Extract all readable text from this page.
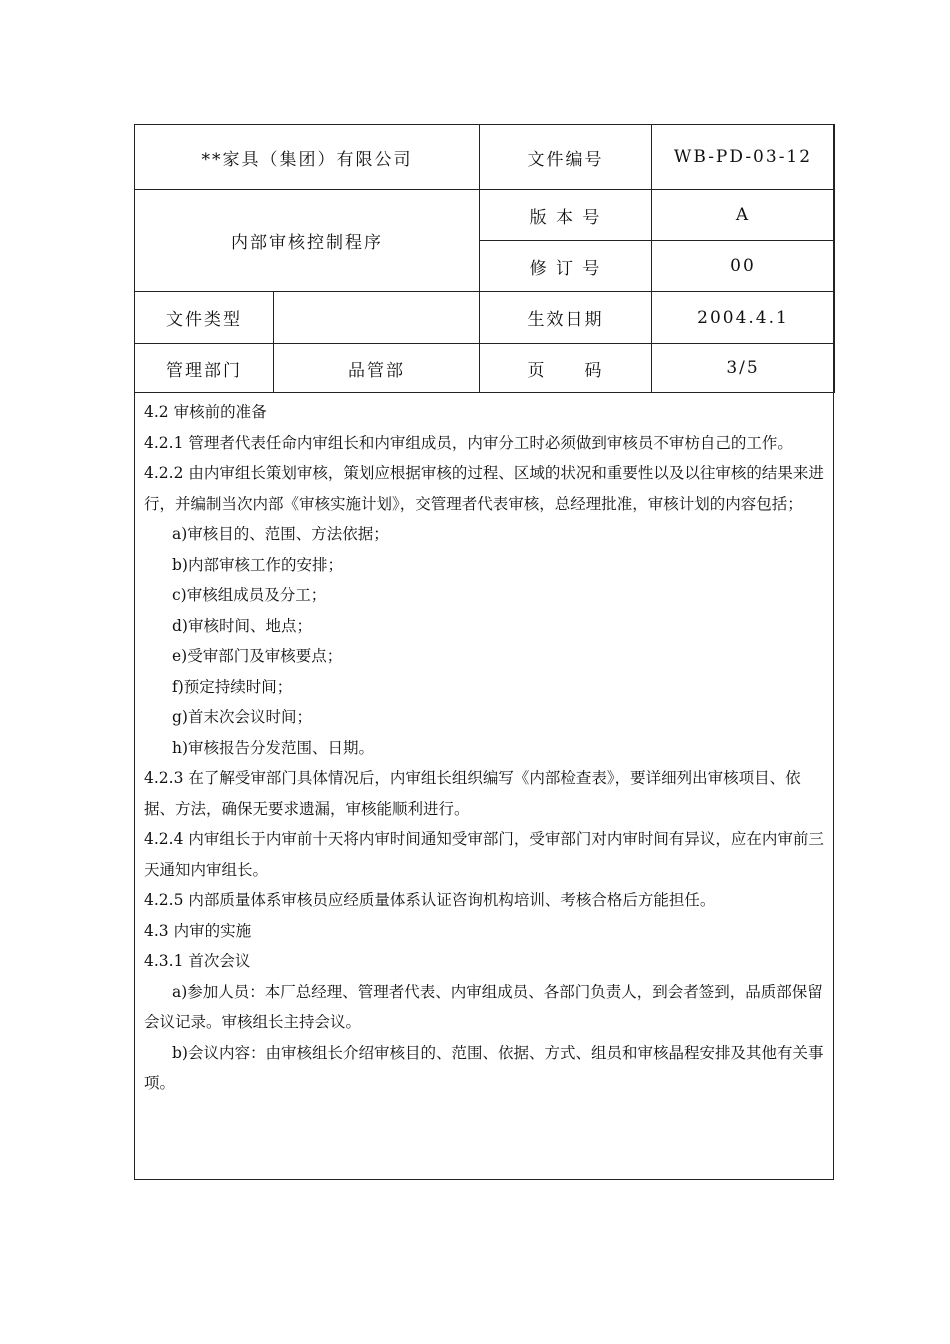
**家具（集团）有限公司		文件编号	WB-PD-03-12
内部审核控制程序		版 本 号	A
		修 订 号	00
文件类型		生效日期	2004.4.1
管理部门	品管部	页　　码	3/5

4.2 审核前的准备

4.2.1 管理者代表任命内审组长和内审组成员，内审分工时必须做到审核员不审枋自己的工作。

4.2.2 由内审组长策划审核，策划应根据审核的过程、区域的状况和重要性以及以往审核的结果来进行，并编制当次内部《审核实施计划》，交管理者代表审核，总经理批准，审核计划的内容包括；

a)审核目的、范围、方法依据；

b)内部审核工作的安排；

c)审核组成员及分工；

d)审核时间、地点；

e)受审部门及审核要点；

f)预定持续时间；

g)首末次会议时间；

h)审核报告分发范围、日期。

4.2.3 在了解受审部门具体情况后，内审组长组织编写《内部检查表》，要详细列出审核项目、依据、方法，确保无要求遗漏，审核能顺利进行。

4.2.4 内审组长于内审前十天将内审时间通知受审部门，受审部门对内审时间有异议，应在内审前三天通知内审组长。

4.2.5 内部质量体系审核员应经质量体系认证咨询机构培训、考核合格后方能担任。

4.3 内审的实施

4.3.1 首次会议

a)参加人员：本厂总经理、管理者代表、内审组成员、各部门负责人，到会者签到，品质部保留会议记录。审核组长主持会议。

b)会议内容：由审核组长介绍审核目的、范围、依据、方式、组员和审核晶程安排及其他有关事项。
